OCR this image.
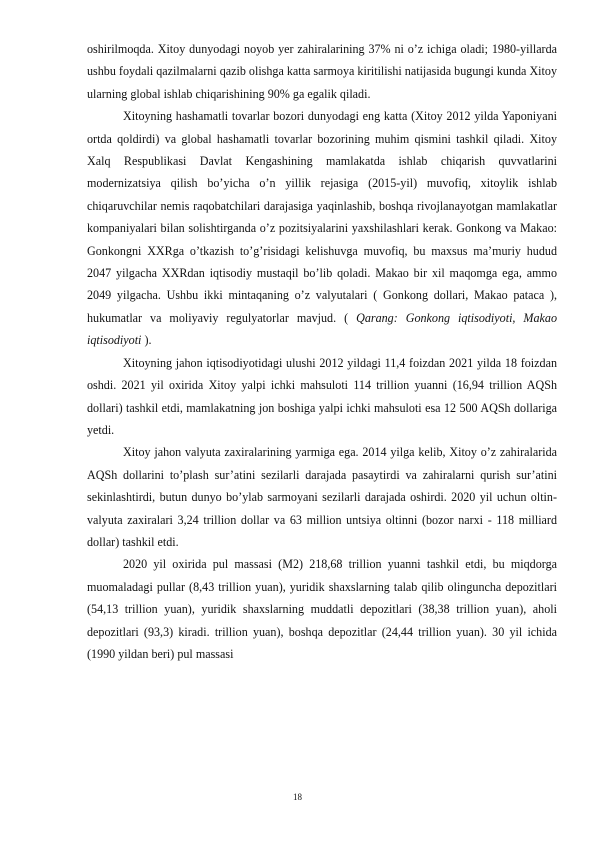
oshirilmoqda. Xitoy dunyodagi noyob yer zahiralarining 37% ni o’z ichiga oladi; 1980-yillarda ushbu foydali qazilmalarni qazib olishga katta sarmoya kiritilishi natijasida bugungi kunda Xitoy ularning global ishlab chiqarishining 90% ga egalik qiladi.

Xitoyning hashamatli tovarlar bozori dunyodagi eng katta (Xitoy 2012 yilda Yaponiyani ortda qoldirdi) va global hashamatli tovarlar bozorining muhim qismini tashkil qiladi. Xitoy Xalq Respublikasi Davlat Kengashining mamlakatda ishlab chiqarish quvvatlarini modernizatsiya qilish bo’yicha o’n yillik rejasiga (2015-yil) muvofiq, xitoylik ishlab chiqaruvchilar nemis raqobatchilari darajasiga yaqinlashib, boshqa rivojlanayotgan mamlakatlar kompaniyalari bilan solishtirganda o’z pozitsiyalarini yaxshilashlari kerak. Gonkong va Makao: Gonkongni XXRga o’tkazish to’g’risidagi kelishuvga muvofiq, bu maxsus ma’muriy hudud 2047 yilgacha XXRdan iqtisodiy mustaqil bo’lib qoladi. Makao bir xil maqomga ega, ammo 2049 yilgacha. Ushbu ikki mintaqaning o’z valyutalari ( Gonkong dollari, Makao pataca ), hukumatlar va moliyaviy regulyatorlar mavjud. ( Qarang: Gonkong iqtisodiyoti, Makao iqtisodiyoti ).

Xitoyning jahon iqtisodiyotidagi ulushi 2012 yildagi 11,4 foizdan 2021 yilda 18 foizdan oshdi. 2021 yil oxirida Xitoy yalpi ichki mahsuloti 114 trillion yuanni (16,94 trillion AQSh dollari) tashkil etdi, mamlakatning jon boshiga yalpi ichki mahsuloti esa 12 500 AQSh dollariga yetdi.

Xitoy jahon valyuta zaxiralarining yarmiga ega. 2014 yilga kelib, Xitoy o’z zahiralarida AQSh dollarini to’plash sur’atini sezilarli darajada pasaytirdi va zahiralarni qurish sur’atini sekinlashtirdi, butun dunyo bo’ylab sarmoyani sezilarli darajada oshirdi. 2020 yil uchun oltin-valyuta zaxiralari 3,24 trillion dollar va 63 million untsiya oltinni (bozor narxi - 118 milliard dollar) tashkil etdi.

2020 yil oxirida pul massasi (M2) 218,68 trillion yuanni tashkil etdi, bu miqdorga muomaladagi pullar (8,43 trillion yuan), yuridik shaxslarning talab qilib olinguncha depozitlari (54,13 trillion yuan), yuridik shaxslarning muddatli depozitlari (38,38 trillion yuan), aholi depozitlari (93,3) kiradi. trillion yuan), boshqa depozitlar (24,44 trillion yuan). 30 yil ichida (1990 yildan beri) pul massasi

18
